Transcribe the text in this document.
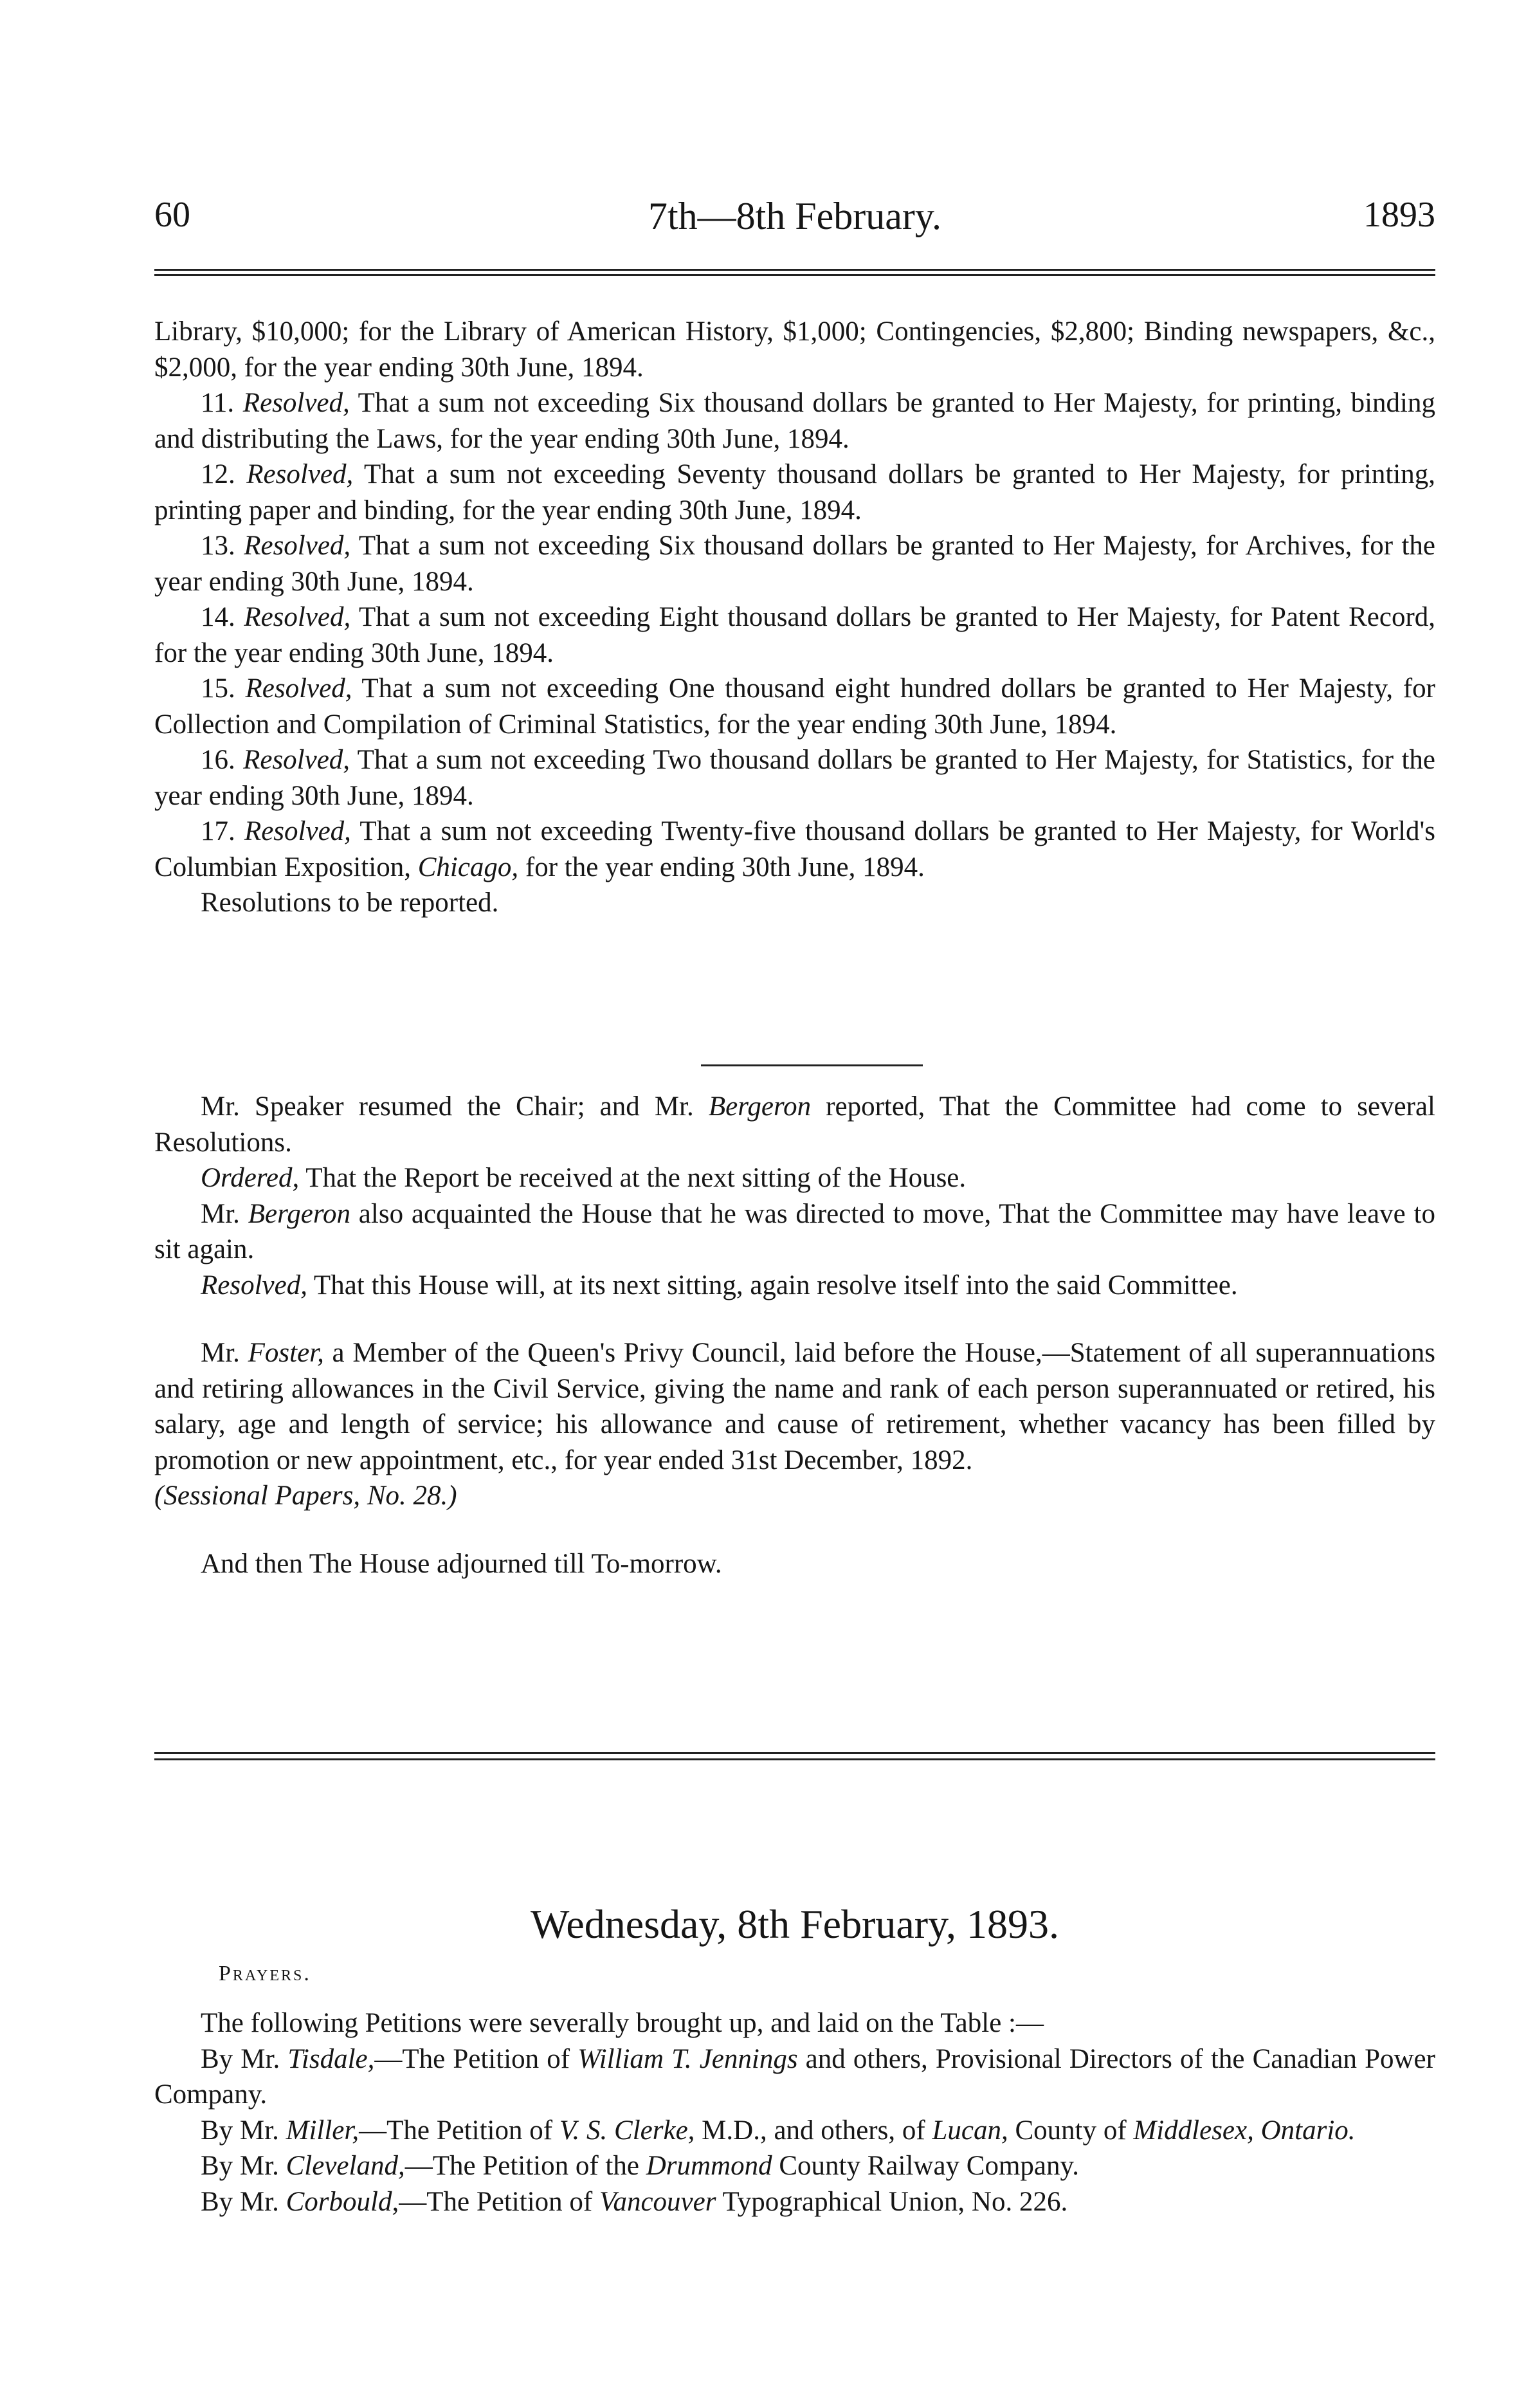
60	7th—8th February.	1893

Library, $10,000; for the Library of American History, $1,000; Contingencies, $2,800; Binding newspapers, &c., $2,000, for the year ending 30th June, 1894.

11. Resolved, That a sum not exceeding Six thousand dollars be granted to Her Majesty, for printing, binding and distributing the Laws, for the year ending 30th June, 1894.

12. Resolved, That a sum not exceeding Seventy thousand dollars be granted to Her Majesty, for printing, printing paper and binding, for the year ending 30th June, 1894.

13. Resolved, That a sum not exceeding Six thousand dollars be granted to Her Majesty, for Archives, for the year ending 30th June, 1894.

14. Resolved, That a sum not exceeding Eight thousand dollars be granted to Her Majesty, for Patent Record, for the year ending 30th June, 1894.

15. Resolved, That a sum not exceeding One thousand eight hundred dollars be granted to Her Majesty, for Collection and Compilation of Criminal Statistics, for the year ending 30th June, 1894.

16. Resolved, That a sum not exceeding Two thousand dollars be granted to Her Majesty, for Statistics, for the year ending 30th June, 1894.

17. Resolved, That a sum not exceeding Twenty-five thousand dollars be granted to Her Majesty, for World's Columbian Exposition, Chicago, for the year ending 30th June, 1894.

Resolutions to be reported.

Mr. Speaker resumed the Chair; and Mr. Bergeron reported, That the Committee had come to several Resolutions.

Ordered, That the Report be received at the next sitting of the House.

Mr. Bergeron also acquainted the House that he was directed to move, That the Committee may have leave to sit again.

Resolved, That this House will, at its next sitting, again resolve itself into the said Committee.

Mr. Foster, a Member of the Queen's Privy Council, laid before the House,—Statement of all superannuations and retiring allowances in the Civil Service, giving the name and rank of each person superannuated or retired, his salary, age and length of service; his allowance and cause of retirement, whether vacancy has been filled by promotion or new appointment, etc., for year ended 31st December, 1892.

(Sessional Papers, No. 28.)

And then The House adjourned till To-morrow.

Wednesday, 8th February, 1893.
Prayers.

The following Petitions were severally brought up, and laid on the Table :—

By Mr. Tisdale,—The Petition of William T. Jennings and others, Provisional Directors of the Canadian Power Company.

By Mr. Miller,—The Petition of V. S. Clerke, M.D., and others, of Lucan, County of Middlesex, Ontario.

By Mr. Cleveland,—The Petition of the Drummond County Railway Company.

By Mr. Corbould,—The Petition of Vancouver Typographical Union, No. 226.
